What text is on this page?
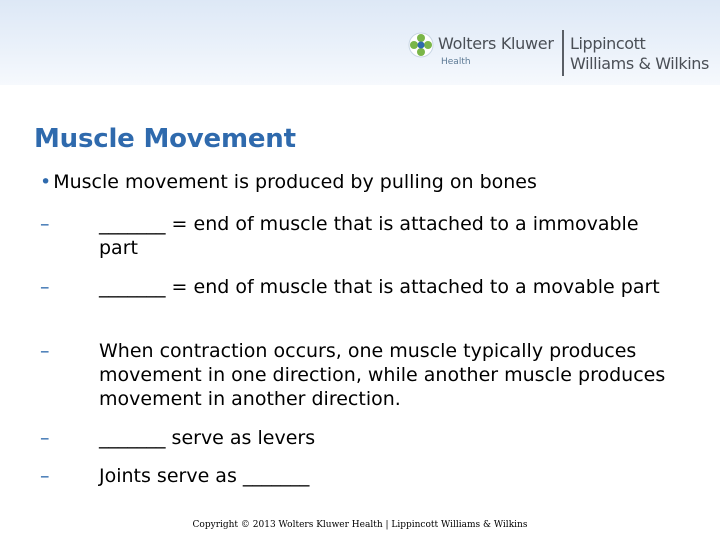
Wolters Kluwer
Health
Lippincott
Williams & Wilkins
Muscle Movement
• Muscle movement is produced by pulling on bones
–	_______ = end of muscle that is attached to a immovable part
–	_______ = end of muscle that is attached to a movable part
–	When contraction occurs, one muscle typically produces movement in one direction, while another muscle produces movement in another direction.
–	_______ serve as levers
–	Joints serve as _______
Copyright © 2013 Wolters Kluwer Health | Lippincott Williams & Wilkins
